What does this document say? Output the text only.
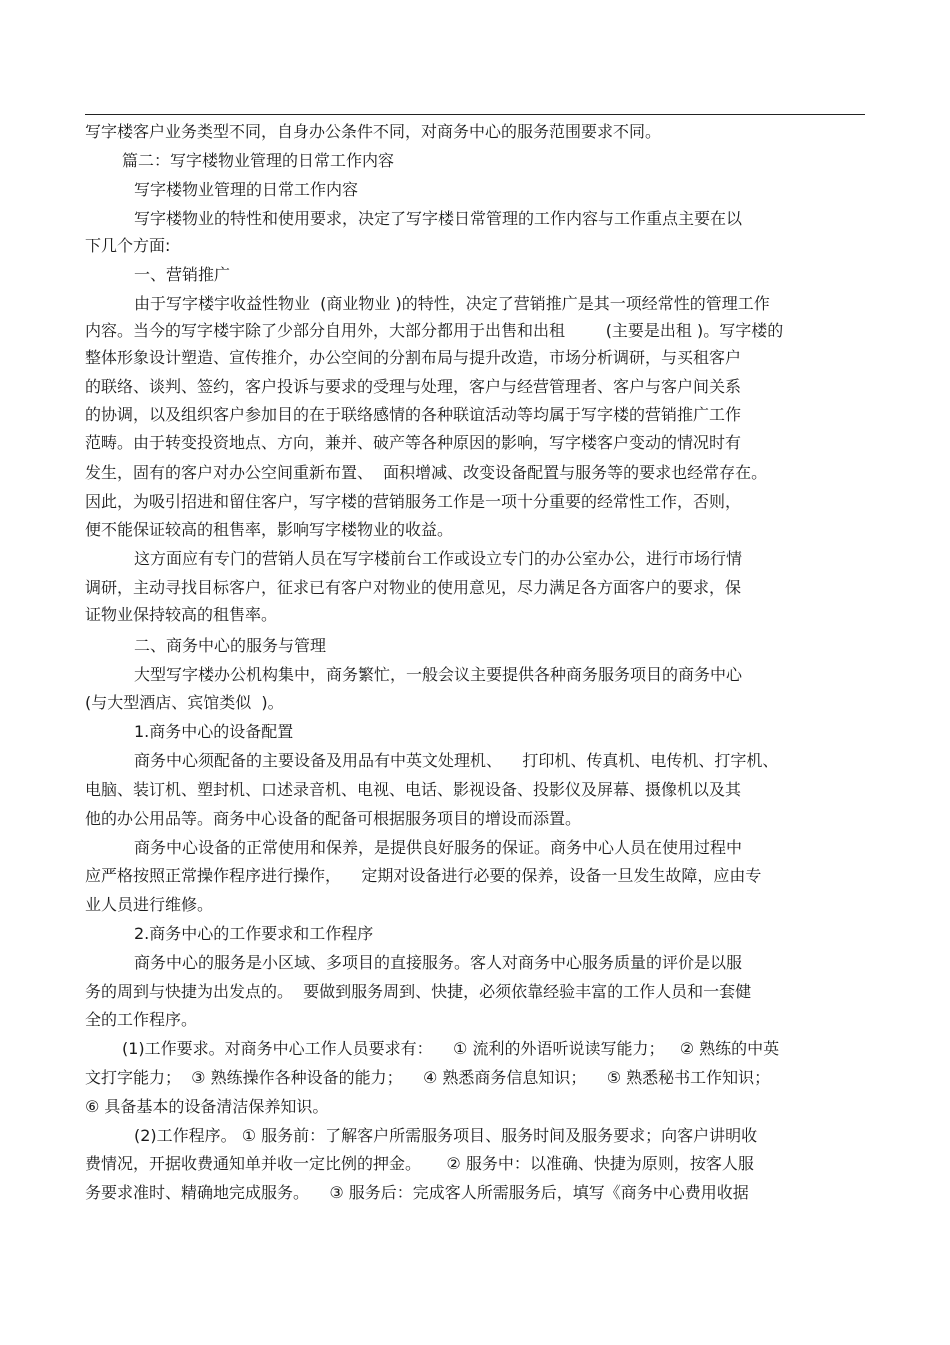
写字楼客户业务类型不同，自身办公条件不同，对商务中心的服务范围要求不同。
篇二：写字楼物业管理的日常工作内容
写字楼物业管理的日常工作内容
写字楼物业的特性和使用要求，决定了写字楼日常管理的工作内容与工作重点主要在以
下几个方面:
一、营销推广
由于写字楼宇收益性物业  (商业物业 )的特性，决定了营销推广是其一项经常性的管理工作
内容。当今的写字楼宇除了少部分自用外，大部分都用于出售和出租        (主要是出租 )。写字楼的
整体形象设计塑造、宣传推介，办公空间的分割布局与提升改造，市场分析调研，与买租客户
的联络、谈判、签约，客户投诉与要求的受理与处理，客户与经营管理者、客户与客户间关系
的协调，以及组织客户参加目的在于联络感情的各种联谊活动等均属于写字楼的营销推广工作
范畴。由于转变投资地点、方向，兼并、破产等各种原因的影响，写字楼客户变动的情况时有
发生，固有的客户对办公空间重新布置、  面积增减、改变设备配置与服务等的要求也经常存在。
因此，为吸引招进和留住客户，写字楼的营销服务工作是一项十分重要的经常性工作，否则，
便不能保证较高的租售率，影响写字楼物业的收益。
这方面应有专门的营销人员在写字楼前台工作或设立专门的办公室办公，进行市场行情
调研，主动寻找目标客户，征求已有客户对物业的使用意见，尽力满足各方面客户的要求，保
证物业保持较高的租售率。
二、商务中心的服务与管理
大型写字楼办公机构集中，商务繁忙，一般会议主要提供各种商务服务项目的商务中心
(与大型酒店、宾馆类似  )。
1.商务中心的设备配置
商务中心须配备的主要设备及用品有中英文处理机、    打印机、传真机、电传机、打字机、
电脑、装订机、塑封机、口述录音机、电视、电话、影视设备、投影仪及屏幕、摄像机以及其
他的办公用品等。商务中心设备的配备可根据服务项目的增设而添置。
商务中心设备的正常使用和保养，是提供良好服务的保证。商务中心人员在使用过程中
应严格按照正常操作程序进行操作，    定期对设备进行必要的保养，设备一旦发生故障，应由专
业人员进行维修。
2.商务中心的工作要求和工作程序
商务中心的服务是小区域、多项目的直接服务。客人对商务中心服务质量的评价是以服
务的周到与快捷为出发点的。  要做到服务周到、快捷，必须依靠经验丰富的工作人员和一套健
全的工作程序。
(1)工作要求。对商务中心工作人员要求有：    ① 流利的外语听说读写能力；   ② 熟练的中英
文打字能力；  ③ 熟练操作各种设备的能力；    ④ 熟悉商务信息知识；    ⑤ 熟悉秘书工作知识；
⑥ 具备基本的设备清洁保养知识。
(2)工作程序。 ① 服务前：了解客户所需服务项目、服务时间及服务要求；向客户讲明收
费情况，开据收费通知单并收一定比例的押金。     ② 服务中：以准确、快捷为原则，按客人服
务要求准时、精确地完成服务。    ③ 服务后：完成客人所需服务后，填写《商务中心费用收据
